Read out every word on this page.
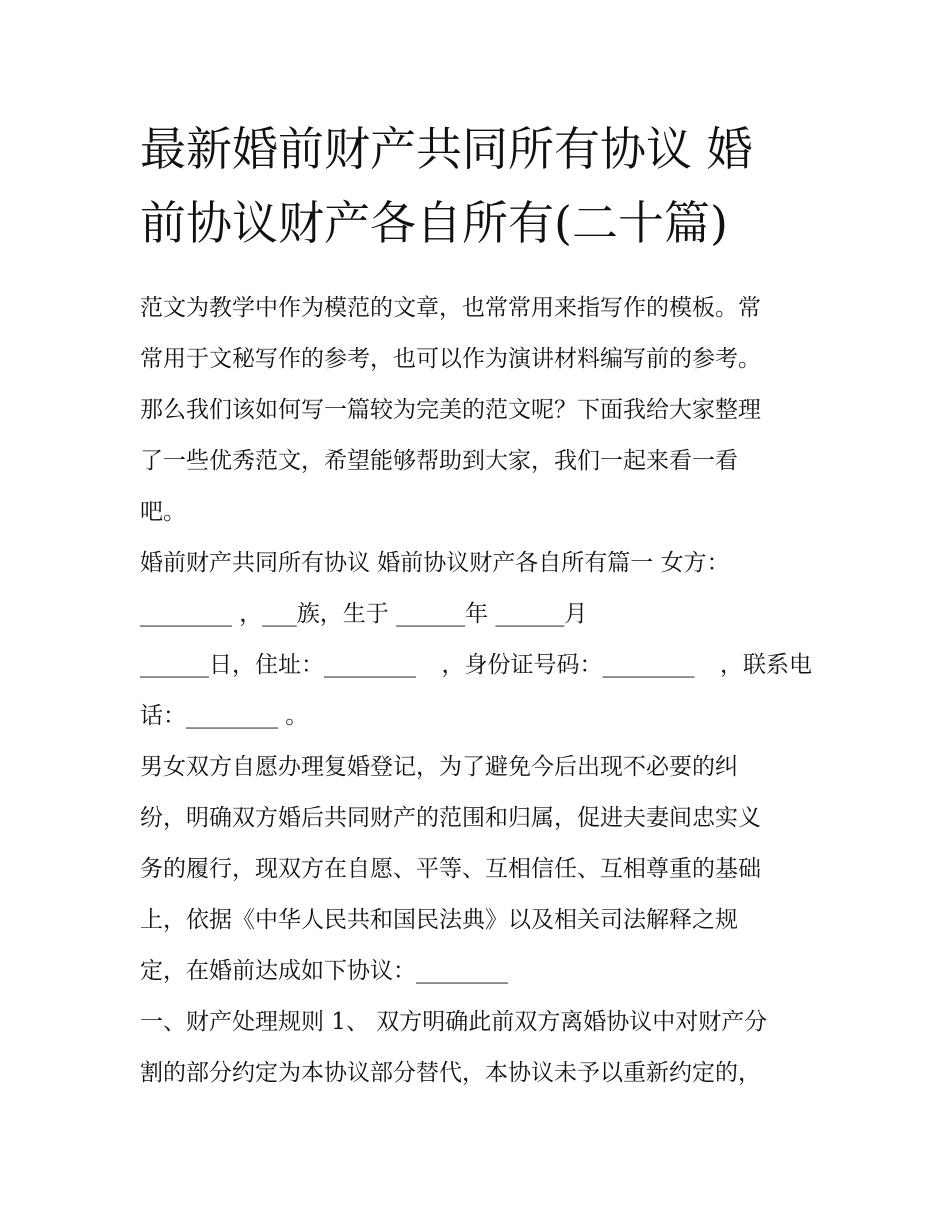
最新婚前财产共同所有协议 婚
前协议财产各自所有(二十篇)

范文为教学中作为模范的文章，也常常用来指写作的模板。常
常用于文秘写作的参考，也可以作为演讲材料编写前的参考。
那么我们该如何写一篇较为完美的范文呢？下面我给大家整理
了一些优秀范文，希望能够帮助到大家，我们一起来看一看
吧。

婚前财产共同所有协议 婚前协议财产各自所有篇一 女方：

________ ，___族，生于 ______年 ______月
______日，住址：________ ，身份证号码：________ ，联系电
话：________ 。

男女双方自愿办理复婚登记，为了避免今后出现不必要的纠
纷，明确双方婚后共同财产的范围和归属，促进夫妻间忠实义
务的履行，现双方在自愿、平等、互相信任、互相尊重的基础
上，依据《中华人民共和国民法典》以及相关司法解释之规
定，在婚前达成如下协议：________

一、财产处理规则 1、 双方明确此前双方离婚协议中对财产分
割的部分约定为本协议部分替代，本协议未予以重新约定的，
